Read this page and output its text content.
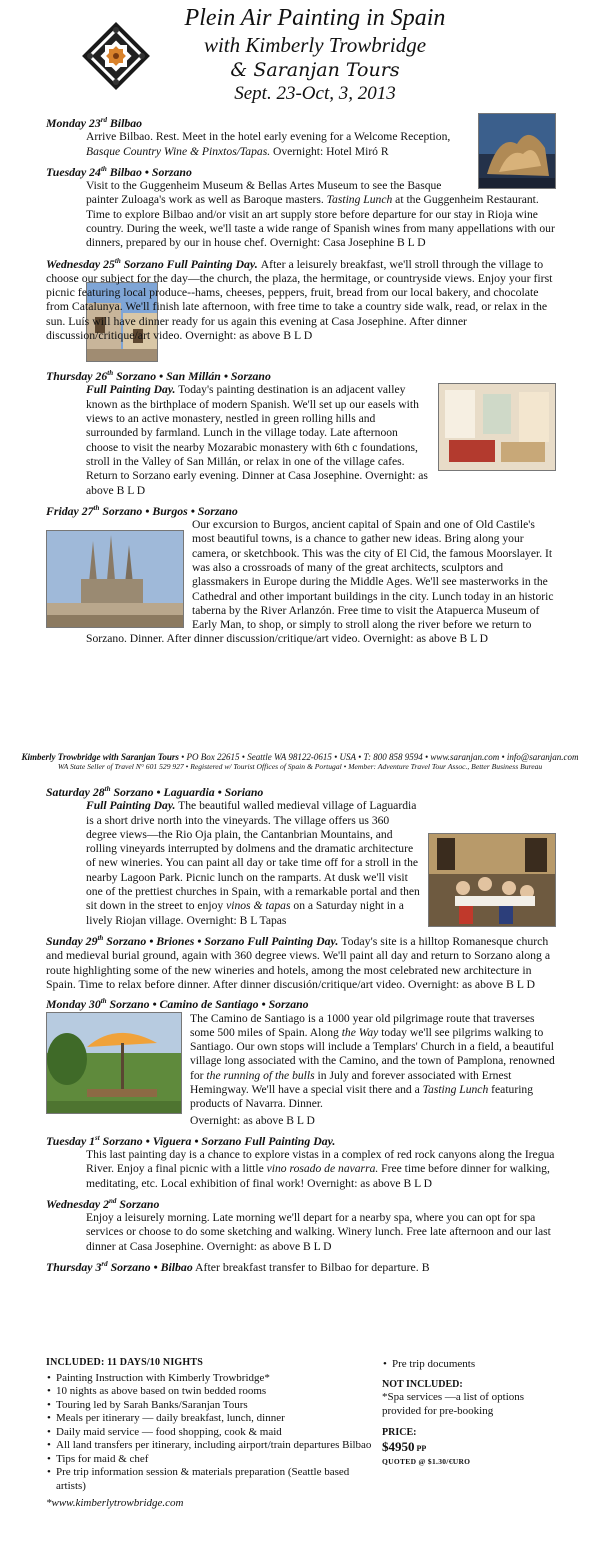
Plein Air Painting in Spain
with Kimberly Trowbridge
& Saranjan Tours
Sept. 23-Oct, 3, 2013
Monday 23rd Bilbao
Arrive Bilbao. Rest. Meet in the hotel early evening for a Welcome Reception, Basque Country Wine & Pinxtos/Tapas. Overnight: Hotel Miró R
Tuesday 24th Bilbao • Sorzano
Visit to the Guggenheim Museum & Bellas Artes Museum to see the Basque painter Zuloaga's work as well as Baroque masters. Tasting Lunch at the Guggenheim Restaurant. Time to explore Bilbao and/or visit an art supply store before departure for our stay in Rioja wine country. During the week, we'll taste a wide range of Spanish wines from many appellations with our dinners, prepared by our in house chef. Overnight: Casa Josephine B L D
Wednesday 25th Sorzano Full Painting Day. After a leisurely breakfast, we'll stroll through the village to choose our subject for the day—the church, the plaza, the hermitage, or countryside views. Enjoy your first picnic featuring local produce--hams, cheeses, peppers, fruit, bread from our local bakery, and chocolate from Catalunya. We'll finish late afternoon, with free time to take a country side walk, read, or relax in the sun. Luís will have dinner ready for us again this evening at Casa Josephine. After dinner discussion/critique/art video. Overnight: as above B L D
Thursday 26th Sorzano • San Millán • Sorzano
Full Painting Day. Today's painting destination is an adjacent valley known as the birthplace of modern Spanish. We'll set up our easels with views to an active monastery, nestled in green rolling hills and surrounded by farmland. Lunch in the village today. Late afternoon choose to visit the nearby Mozarabic monastery with 6th c foundations, stroll in the Valley of San Millán, or relax in one of the village cafes. Return to Sorzano early evening. Dinner at Casa Josephine. Overnight: as above B L D
Friday 27th Sorzano • Burgos • Sorzano
Our excursion to Burgos, ancient capital of Spain and one of Old Castile's most beautiful towns, is a chance to gather new ideas. Bring along your camera, or sketchbook. This was the city of El Cid, the famous Moorslayer. It was also a crossroads of many of the great architects, sculptors and glassmakers in Europe during the Middle Ages. We'll see masterworks in the Cathedral and other important buildings in the city. Lunch today in an historic taberna by the River Arlanzón. Free time to visit the Atapuerca Museum of Early Man, to shop, or simply to stroll along the river before we return to Sorzano. Dinner. After dinner discussion/critique/art video. Overnight: as above B L D
Kimberly Trowbridge with Saranjan Tours • PO Box 22615 • Seattle WA 98122-0615 • USA • T: 800 858 9594 • www.saranjan.com • info@saranjan.com
WA State Seller of Travel N° 601 529 927 • Registered w/ Tourist Offices of Spain & Portugal • Member: Adventure Travel Tour Assoc., Better Business Bureau
Saturday 28th Sorzano • Laguardia • Soriano
Full Painting Day. The beautiful walled medieval village of Laguardia is a short drive north into the vineyards. The village offers us 360 degree views—the Rio Oja plain, the Cantanbrian Mountains, and rolling vineyards interrupted by dolmens and the dramatic architecture of new wineries. You can paint all day or take time off for a stroll in the nearby Lagoon Park. Picnic lunch on the ramparts. At dusk we'll visit one of the prettiest churches in Spain, with a remarkable portal and then sit down in the street to enjoy vinos & tapas on a Saturday night in a lively Riojan village. Overnight: B L Tapas
Sunday 29th Sorzano • Briones • Sorzano Full Painting Day. Today's site is a hilltop Romanesque church and medieval burial ground, again with 360 degree views. We'll paint all day and return to Sorzano along a route highlighting some of the new wineries and hotels, among the most celebrated new architecture in Spain. Time to relax before dinner. After dinner discusión/critique/art video. Overnight: as above B L D
Monday 30th Sorzano • Camino de Santiago • Sorzano
The Camino de Santiago is a 1000 year old pilgrimage route that traverses some 500 miles of Spain. Along the Way today we'll see pilgrims walking to Santiago. Our own stops will include a Templars' Church in a field, a beautiful village long associated with the Camino, and the town of Pamplona, renowned for the running of the bulls in July and forever associated with Ernest Hemingway. We'll have a special visit there and a Tasting Lunch featuring products of Navarra. Dinner.
Overnight: as above B L D
Tuesday 1st Sorzano • Viguera • Sorzano Full Painting Day.
This last painting day is a chance to explore vistas in a complex of red rock canyons along the Iregua River. Enjoy a final picnic with a little vino rosado de navarra. Free time before dinner for walking, meditating, etc. Local exhibition of final work! Overnight: as above B L D
Wednesday 2nd Sorzano
Enjoy a leisurely morning. Late morning we'll depart for a nearby spa, where you can opt for spa services or choose to do some sketching and walking. Winery lunch. Free late afternoon and our last dinner at Casa Josephine. Overnight: as above B L D
Thursday 3rd Sorzano • Bilbao After breakfast transfer to Bilbao for departure. B
INCLUDED: 11 DAYS/10 NIGHTS
• Painting Instruction with Kimberly Trowbridge*
• 10 nights as above based on twin bedded rooms
• Touring led by Sarah Banks/Saranjan Tours
• Meals per itinerary — daily breakfast, lunch, dinner
• Daily maid service — food shopping, cook & maid
• All land transfers per itinerary, including airport/train departures Bilbao
• Tips for maid & chef
• Pre trip information session & materials preparation (Seattle based artists)
*www.kimberlytrowbridge.com
• Pre trip documents
NOT INCLUDED:
*Spa services —a list of options provided for pre-booking
PRICE:
$4950 PP
QUOTED @ $1.30/€URO
